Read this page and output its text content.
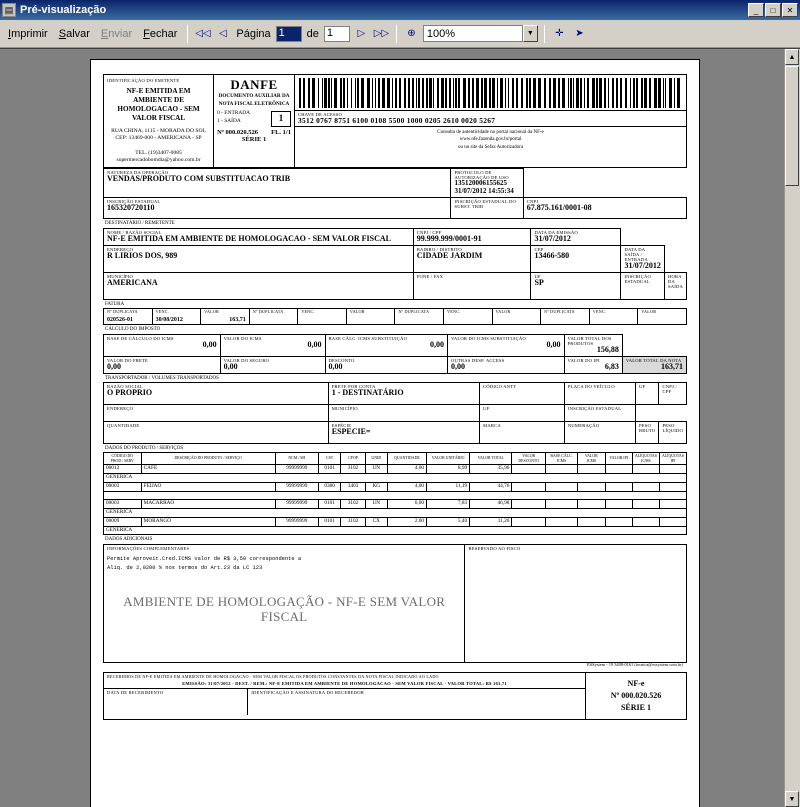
▤ Pré-visualização	_	□	✕
Imprimir	Salvar	Enviar	Fechar	◁◁ ◁ Página 1	de 1	▷ ▷▷	⊕	100%	▼	✛	➤
IDENTIFICAÇÃO DO EMITENTE
NF-E EMITIDA EM AMBIENTE DE HOMOLOGACAO - SEM VALOR FISCAL
RUA CHINA, 1115 - MORADA DO SOL
CEP: 13469-000 - AMERICANA - SP
TEL. (19)3407-0085
supermercadobomdia@yahoo.com.br
DANFE
DOCUMENTO AUXILIAR DA
NOTA FISCAL ELETRÔNICA
0 - ENTRADA
1 - SAÍDA	1
Nº 000.020.526 FL. 1/1
SÉRIE 1
CHAVE DE ACESSO
3512 0767 8751 6100 0108 5500 1000 0205 2610 0020 5267
Consulta de autenticidade no portal nacional da NF-e
www.nfe.fazenda.gov.br/portal
ou no site da Sefaz Autorizadora
NATUREZA DA OPERAÇÃO
VENDAS/PRODUTO COM SUBSTITUACAO TRIB

PROTOCOLO DE AUTORIZAÇÃO DE USO
135120006155625 31/07/2012 14:55:34

INSCRIÇÃO ESTADUAL
165320720110

INSCRIÇÃO ESTADUAL DO SUBST. TRIB

CNPJ
67.875.161/0001-08
DESTINATÁRIO / REMETENTE
NOME / RAZÃO SOCIAL
NF-E EMITIDA EM AMBIENTE DE HOMOLOGACAO - SEM VALOR FISCAL

CNPJ / CPF
99.999.999/0001-91

DATA DA EMISSÃO
31/07/2012

ENDEREÇO
R LIRIOS DOS, 989

BAIRRO / DISTRITO
CIDADE JARDIM

CEP
13466-580

DATA DA SAÍDA / ENTRADA
31/07/2012

MUNICÍPIO
AMERICANA

FONE / FAX	UF
SP

INSCRIÇÃO ESTADUAL

HORA DA SAÍDA

FATURA
Nº DUPLICATA	VENC.	VALOR	Nº DUPLICATA	VENC.	VALOR	Nº DUPLICATA	VENC.	VALOR	Nº DUPLICATA	VENC.	VALOR
020526-01	30/08/2012	163,71									
CÁLCULO DO IMPOSTO
BASE DE CÁLCULO DO ICMS
0,00

VALOR DO ICMS
0,00

BASE CÁLC. ICMS SUBSTITUIÇÃO
0,00

VALOR DO ICMS SUBSTITUIÇÃO
0,00

VALOR TOTAL DOS PRODUTOS
156,88

VALOR DO FRETE
0,00

VALOR DO SEGURO
0,00

DESCONTO
0,00

OUTRAS DESP. ACCESS
0,00

VALOR DO IPI
6,83

VALOR TOTAL DA NOTA
163,71
TRANSPORTADOR / VOLUMES TRANSPORTADOS
RAZÃO SOCIAL
O PROPRIO

FRETE POR CONTA
1 - DESTINATÁRIO

CÓDIGO ANTT	PLACA DO VEÍCULO	UF	CNPJ / CPF

ENDEREÇO	MUNICÍPIO	UF	INSCRIÇÃO ESTADUAL		

QUANTIDADE	ESPÉCIE
ESPECIE=	MARCA	NUMERAÇÃO	PESO BRUTO	PESO LÍQUIDO

DADOS DO PRODUTO / SERVIÇOS
CÓDIGO DO PROD / SERV	DESCRIÇÃO DO PRODUTO / SERVIÇO	NCM / SH	CST	CFOP	UNID	QUANTIDADE	VALOR UNITÁRIO	VALOR TOTAL	VALOR DESCONTO	BASE CÁLC. ICMS	VALOR ICMS	VALOR IPI	ALÍQUOTAS ICMS	ALÍQUOTAS IPI
00012	CAFE	99999999	0101	3102	UN	4,00	8,99	35,96						
GENERICA														
00003	FEIJAO	99999999	0300	3403	KG	4,00	11,19	44,76						

00003	MACARRAO	99999999	0101	3102	UN	6,00	7,83	46,98						
GENERICA														
00009	MORANGO	99999999	0101	3102	CX	2,00	5,40	11,20						
GENERICA														
DADOS ADICIONAIS
INFORMAÇÕES COMPLEMENTARES
Permite Aproveit.Cred.ICMS valor de R$ 3,59 correspondente a
Aliq. de 2,0200 % nos termos do Art.23 da LC 123
AMBIENTE DE HOMOLOGAÇÃO - NF-E SEM VALOR FISCAL

RESERVADO AO FISCO
ESSystem - 19 3408-0161 (tecnica@essystem.com.br)
RECEBEMOS DE NF-E EMITIDA EM AMBIENTE DE HOMOLOGACAO - SEM VALOR FISCAL OS PRODUTOS CONSTANTES DA NOTA FISCAL INDICADO AO LADO
EMISSÃO: 31/07/2012 - DEST. / REM.: NF-E EMITIDA EM AMBIENTE DE HOMOLOGACAO - SEM VALOR FISCAL - VALOR TOTAL: R$ 163,71
DATA DE RECEBIMENTO	IDENTIFICAÇÃO E ASSINATURA DO RECEBEDOR
NF-e
Nº 000.020.526
SÉRIE 1
▲
▼
